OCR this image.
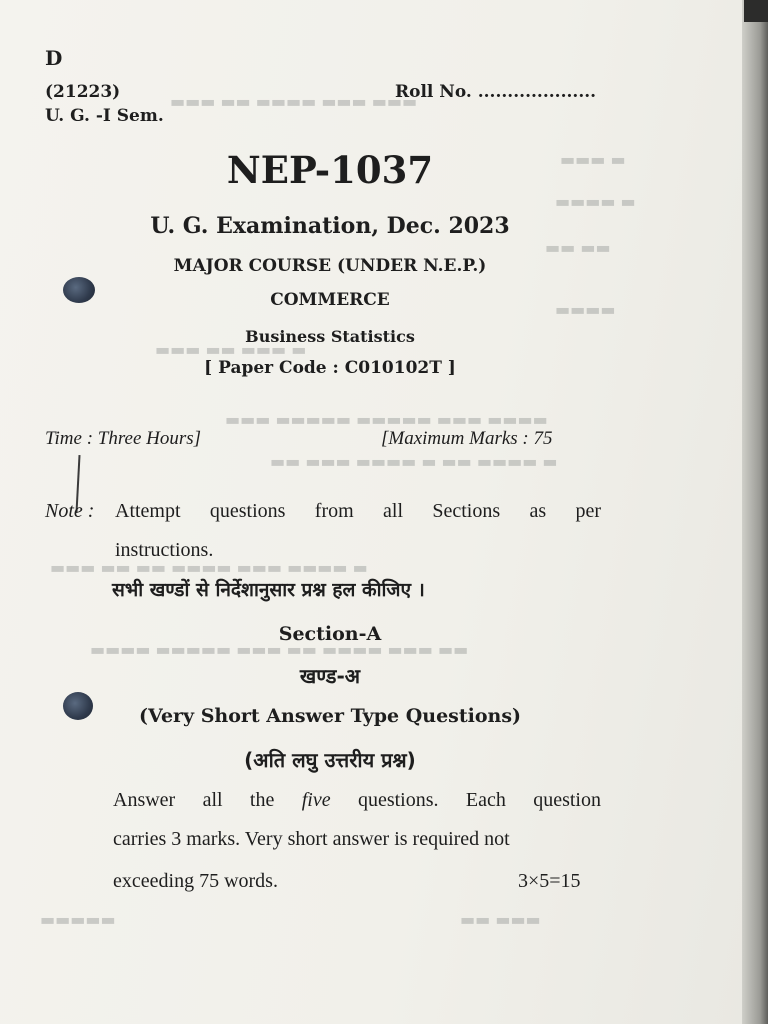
▬▬▬ ▬▬ ▬▬▬▬ ▬▬▬ ▬▬▬
▬▬▬ ▬
▬▬▬▬ ▬
▬▬ ▬▬
▬▬▬▬
▬▬▬ ▬▬ ▬▬▬ ▬
▬▬▬ ▬▬▬▬▬ ▬▬▬▬▬ ▬▬▬ ▬▬▬▬
▬▬ ▬▬▬ ▬▬▬▬ ▬ ▬▬ ▬▬▬▬ ▬
▬▬▬ ▬▬ ▬▬ ▬▬▬▬ ▬▬▬ ▬▬▬▬ ▬
▬▬▬▬ ▬▬▬▬▬ ▬▬▬ ▬▬ ▬▬▬▬ ▬▬▬ ▬▬
▬▬ ▬▬▬
▬▬▬▬▬
D
(21223)
U. G. -I Sem.
Roll No. ....................
NEP-1037
U. G. Examination, Dec. 2023
MAJOR COURSE (UNDER N.E.P.)
COMMERCE
Business Statistics
[ Paper Code : C010102T ]
Time : Three Hours]	[Maximum Marks : 75
Note : Attempt questions from all Sections as per
instructions.
सभी खण्डों से निर्देशानुसार प्रश्न हल कीजिए ।
Section-A
खण्ड-अ
(Very Short Answer Type Questions)
(अति लघु उत्तरीय प्रश्न)
Answer all the five questions. Each question
carries 3 marks. Very short answer is required not
exceeding 75 words.	3×5=15
